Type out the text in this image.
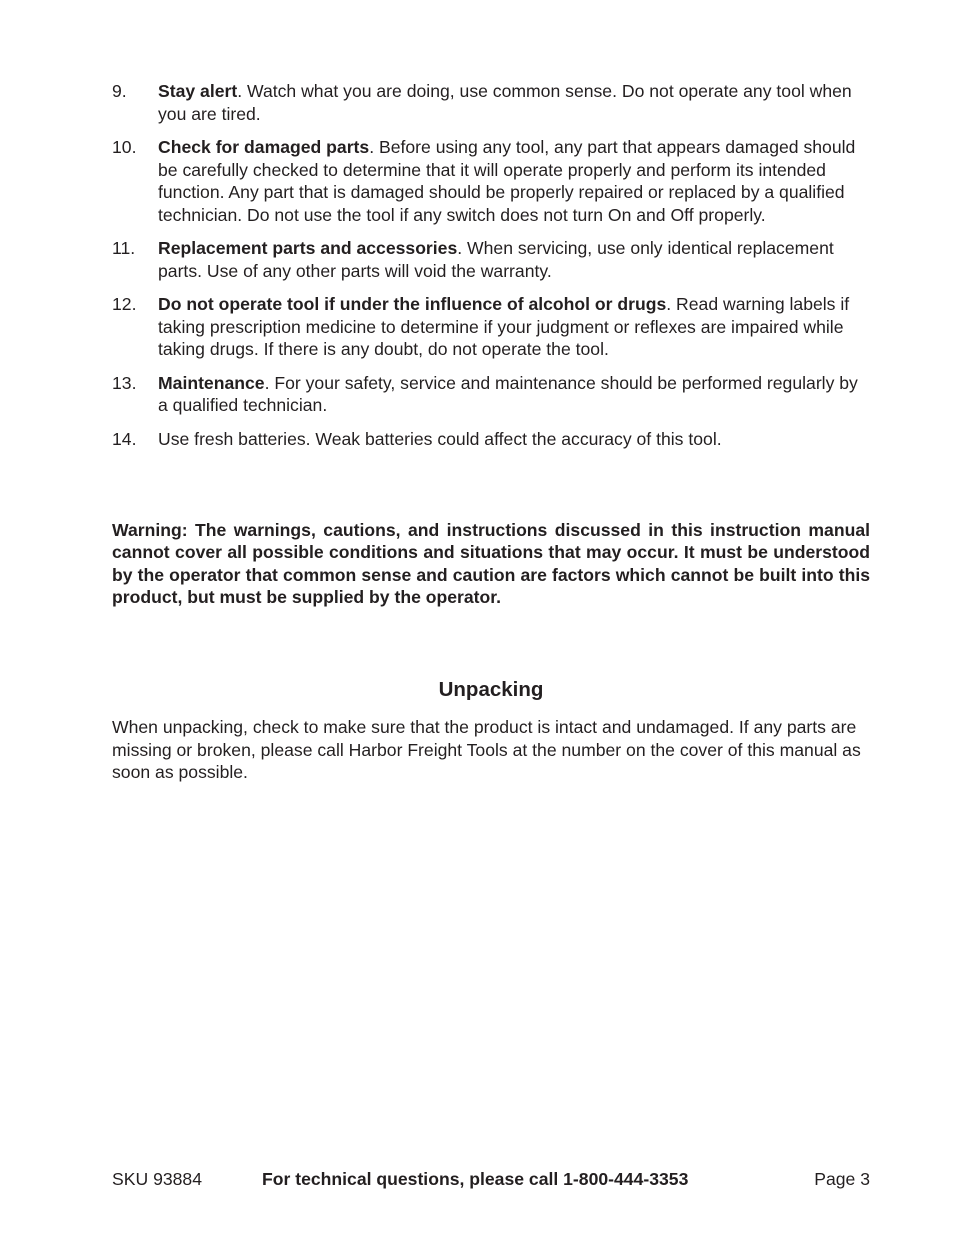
9. Stay alert. Watch what you are doing, use common sense. Do not operate any tool when you are tired.
10. Check for damaged parts. Before using any tool, any part that appears damaged should be carefully checked to determine that it will operate properly and perform its intended function. Any part that is damaged should be properly repaired or replaced by a qualified technician. Do not use the tool if any switch does not turn On and Off properly.
11. Replacement parts and accessories. When servicing, use only identical replacement parts. Use of any other parts will void the warranty.
12. Do not operate tool if under the influence of alcohol or drugs. Read warning labels if taking prescription medicine to determine if your judgment or reflexes are impaired while taking drugs. If there is any doubt, do not operate the tool.
13. Maintenance. For your safety, service and maintenance should be performed regularly by a qualified technician.
14. Use fresh batteries. Weak batteries could affect the accuracy of this tool.
Warning: The warnings, cautions, and instructions discussed in this instruction manual cannot cover all possible conditions and situations that may occur. It must be understood by the operator that common sense and caution are factors which cannot be built into this product, but must be supplied by the operator.
Unpacking
When unpacking, check to make sure that the product is intact and undamaged. If any parts are missing or broken, please call Harbor Freight Tools at the number on the cover of this manual as soon as possible.
SKU 93884	For technical questions, please call 1-800-444-3353	Page 3
